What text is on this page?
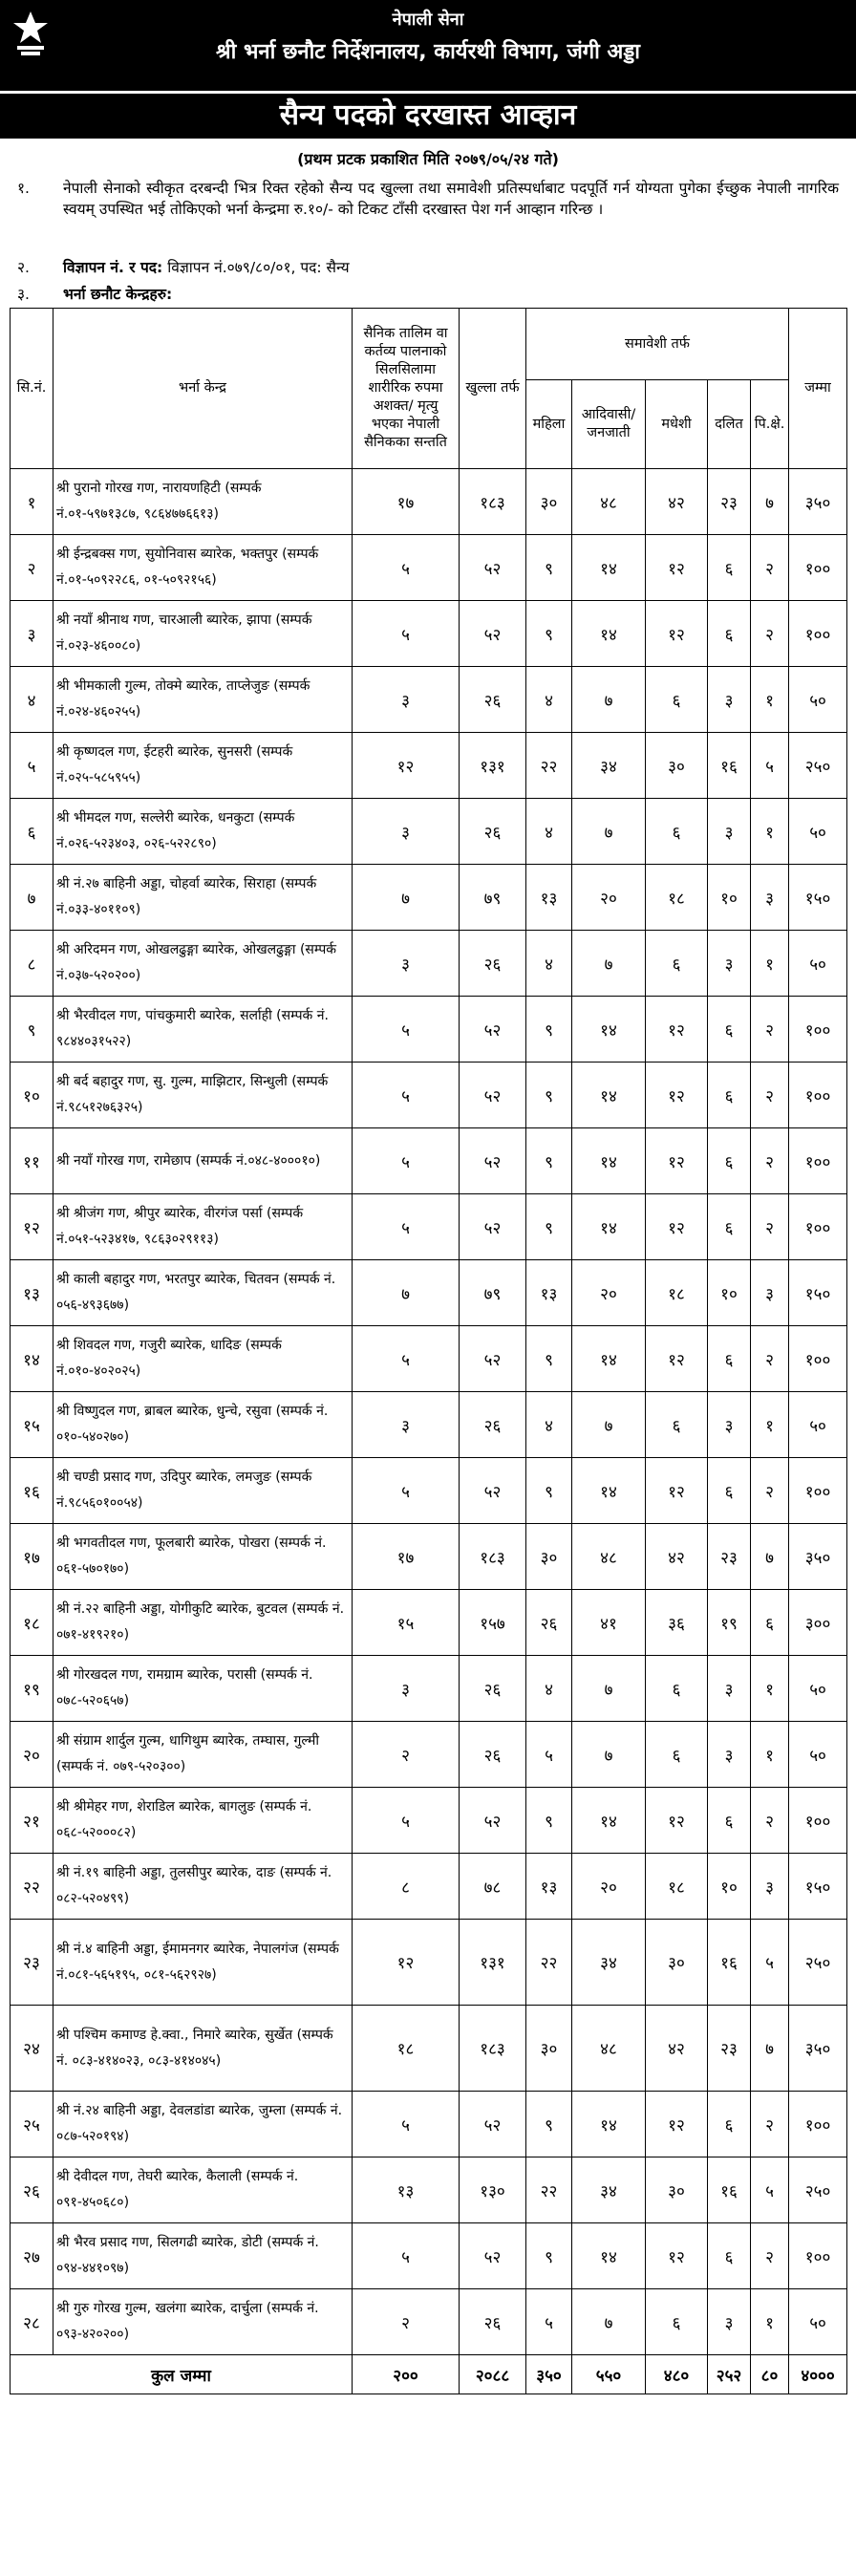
नेपाली सेना
श्री भर्ना छनौट निर्देशनालय, कार्यरथी विभाग, जंगी अड्डा
सैन्य पदको दरखास्त आव्हान
(प्रथम प्रटक प्रकाशित मिति २०७९/०५/२४ गते)
१. नेपाली सेनाको स्वीकृत दरबन्दी भित्र रिक्त रहेको सैन्य पद खुल्ला तथा समावेशी प्रतिस्पर्धाबाट पदपूर्ति गर्न योग्यता पुगेका ईच्छुक नेपाली नागरिक स्वयम् उपस्थित भई तोकिएको भर्ना केन्द्रमा रु.१०/- को टिकट टाँसी दरखास्त पेश गर्न आव्हान गरिन्छ ।
२. विज्ञापन नं. र पद: विज्ञापन नं.०७९/८०/०१, पद: सैन्य
३. भर्ना छनौट केन्द्रहरु:
सि.नं.	भर्ना केन्द्र	सैनिक तालिम वा कर्तव्य पालनाको सिलसिलामा शारीरिक रुपमा अशक्त/ मृत्यु भएका नेपाली सैनिकका सन्तति	खुल्ला तर्फ	समावेशी तर्फ					जम्मा
				महिला	आदिवासी/ जनजाती	मधेशी	दलित	पि.क्षे.	
१	श्री पुरानो गोरख गण, नारायणहिटी (सम्पर्क नं.०१-५९७१३८७, ९८६४७७६६१३)	१७	१८३	३०	४८	४२	२३	७	३५०
२	श्री ईन्द्रबक्स गण, सुयोनिवास ब्यारेक, भक्तपुर (सम्पर्क नं.०१-५०९२२८६, ०१-५०९२१५६)	५	५२	९	१४	१२	६	२	१००
३	श्री नयाँ श्रीनाथ गण, चारआली ब्यारेक, झापा (सम्पर्क नं.०२३-४६००८०)	५	५२	९	१४	१२	६	२	१००
४	श्री भीमकाली गुल्म, तोक्मे ब्यारेक, ताप्लेजुङ (सम्पर्क नं.०२४-४६०२५५)	३	२६	४	७	६	३	१	५०
५	श्री कृष्णदल गण, ईटहरी ब्यारेक, सुनसरी (सम्पर्क नं.०२५-५८५९५५)	१२	१३१	२२	३४	३०	१६	५	२५०
६	श्री भीमदल गण, सल्लेरी ब्यारेक, धनकुटा (सम्पर्क नं.०२६-५२३४०३, ०२६-५२२८९०)	३	२६	४	७	६	३	१	५०
७	श्री नं.२७ बाहिनी अड्डा, चोहर्वा ब्यारेक, सिराहा (सम्पर्क नं.०३३-४०११०९)	७	७९	१३	२०	१८	१०	३	१५०
८	श्री अरिदमन गण, ओखलढुङ्गा ब्यारेक, ओखलढुङ्गा (सम्पर्क नं.०३७-५२०२००)	३	२६	४	७	६	३	१	५०
९	श्री भैरवीदल गण, पांचकुमारी ब्यारेक, सर्लाही (सम्पर्क नं. ९८४४०३१५२२)	५	५२	९	१४	१२	६	२	१००
१०	श्री बर्द बहादुर गण, सु. गुल्म, माझिटार, सिन्धुली (सम्पर्क नं.९८५१२७६३२५)	५	५२	९	१४	१२	६	२	१००
११	श्री नयाँ गोरख गण, रामेछाप (सम्पर्क नं.०४८-४०००१०)	५	५२	९	१४	१२	६	२	१००
१२	श्री श्रीजंग गण, श्रीपुर ब्यारेक, वीरगंज पर्सा (सम्पर्क नं.०५१-५२३४१७, ९८६३०२९११३)	५	५२	९	१४	१२	६	२	१००
१३	श्री काली बहादुर गण, भरतपुर ब्यारेक, चितवन (सम्पर्क नं. ०५६-४९३६७७)	७	७९	१३	२०	१८	१०	३	१५०
१४	श्री शिवदल गण, गजुरी ब्यारेक, धादिङ (सम्पर्क नं.०१०-४०२०२५)	५	५२	९	१४	१२	६	२	१००
१५	श्री विष्णुदल गण, ब्राबल ब्यारेक, धुन्चे, रसुवा (सम्पर्क नं. ०१०-५४०२७०)	३	२६	४	७	६	३	१	५०
१६	श्री चण्डी प्रसाद गण, उदिपुर ब्यारेक, लमजुङ (सम्पर्क नं.९८५६०१००५४)	५	५२	९	१४	१२	६	२	१००
१७	श्री भगवतीदल गण, फूलबारी ब्यारेक, पोखरा (सम्पर्क नं. ०६१-५७०१७०)	१७	१८३	३०	४८	४२	२३	७	३५०
१८	श्री नं.२२ बाहिनी अड्डा, योगीकुटि ब्यारेक, बुटवल (सम्पर्क नं. ०७१-४१९२१०)	१५	१५७	२६	४१	३६	१९	६	३००
१९	श्री गोरखदल गण, रामग्राम ब्यारेक, परासी (सम्पर्क नं. ०७८-५२०६५७)	३	२६	४	७	६	३	१	५०
२०	श्री संग्राम शार्दुल गुल्म, धागिथुम ब्यारेक, तम्घास, गुल्मी (सम्पर्क नं. ०७९-५२०३००)	२	२६	५	७	६	३	१	५०
२१	श्री श्रीमेहर गण, शेराडिल ब्यारेक, बागलुङ (सम्पर्क नं. ०६८-५२०००८२)	५	५२	९	१४	१२	६	२	१००
२२	श्री नं.१९ बाहिनी अड्डा, तुलसीपुर ब्यारेक, दाङ (सम्पर्क नं. ०८२-५२०४९९)	८	७८	१३	२०	१८	१०	३	१५०
२३	श्री नं.४ बाहिनी अड्डा, ईमामनगर ब्यारेक, नेपालगंज (सम्पर्क नं.०८१-५६५१९५, ०८१-५६२९२७)	१२	१३१	२२	३४	३०	१६	५	२५०
२४	श्री पश्चिम कमाण्ड हे.क्वा., निमारे ब्यारेक, सुर्खेत (सम्पर्क नं. ०८३-४१४०२३, ०८३-४१४०४५)	१८	१८३	३०	४८	४२	२३	७	३५०
२५	श्री नं.२४ बाहिनी अड्डा, देवलडांडा ब्यारेक, जुम्ला (सम्पर्क नं. ०८७-५२०१९४)	५	५२	९	१४	१२	६	२	१००
२६	श्री देवीदल गण, तेघरी ब्यारेक, कैलाली (सम्पर्क नं. ०९१-४५०६८०)	१३	१३०	२२	३४	३०	१६	५	२५०
२७	श्री भैरव प्रसाद गण, सिलगढी ब्यारेक, डोटी (सम्पर्क नं. ०९४-४४१०९७)	५	५२	९	१४	१२	६	२	१००
२८	श्री गुरु गोरख गुल्म, खलंगा ब्यारेक, दार्चुला (सम्पर्क नं. ०९३-४२०२००)	२	२६	५	७	६	३	१	५०
कुल जम्मा		२००	२०८८	३५०	५५०	४८०	२५२	८०	४०००
